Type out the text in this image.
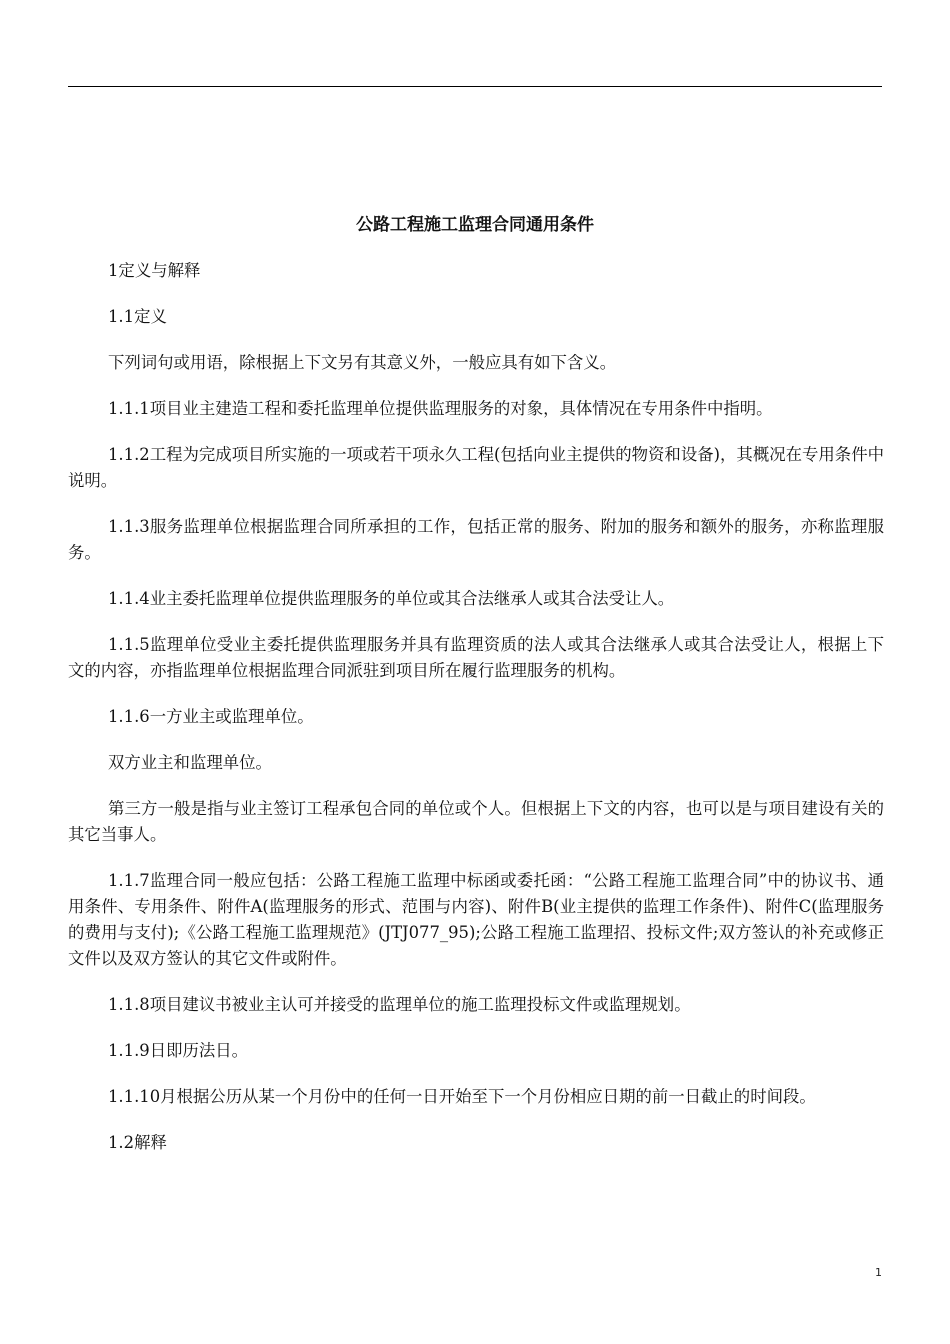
公路工程施工监理合同通用条件

1定义与解释

1.1定义

下列词句或用语，除根据上下文另有其意义外，一般应具有如下含义。

1.1.1项目业主建造工程和委托监理单位提供监理服务的对象，具体情况在专用条件中指明。

1.1.2工程为完成项目所实施的一项或若干项永久工程(包括向业主提供的物资和设备)，其概况在专用条件中说明。

1.1.3服务监理单位根据监理合同所承担的工作，包括正常的服务、附加的服务和额外的服务，亦称监理服务。

1.1.4业主委托监理单位提供监理服务的单位或其合法继承人或其合法受让人。

1.1.5监理单位受业主委托提供监理服务并具有监理资质的法人或其合法继承人或其合法受让人，根据上下文的内容，亦指监理单位根据监理合同派驻到项目所在履行监理服务的机构。

1.1.6一方业主或监理单位。

双方业主和监理单位。

第三方一般是指与业主签订工程承包合同的单位或个人。但根据上下文的内容，也可以是与项目建设有关的其它当事人。

1.1.7监理合同一般应包括：公路工程施工监理中标函或委托函：“公路工程施工监理合同”中的协议书、通用条件、专用条件、附件A(监理服务的形式、范围与内容)、附件B(业主提供的监理工作条件)、附件C(监理服务的费用与支付);《公路工程施工监理规范》(JTJ077_95);公路工程施工监理招、投标文件;双方签认的补充或修正文件以及双方签认的其它文件或附件。

1.1.8项目建议书被业主认可并接受的监理单位的施工监理投标文件或监理规划。

1.1.9日即历法日。

1.1.10月根据公历从某一个月份中的任何一日开始至下一个月份相应日期的前一日截止的时间段。

1.2解释

1
